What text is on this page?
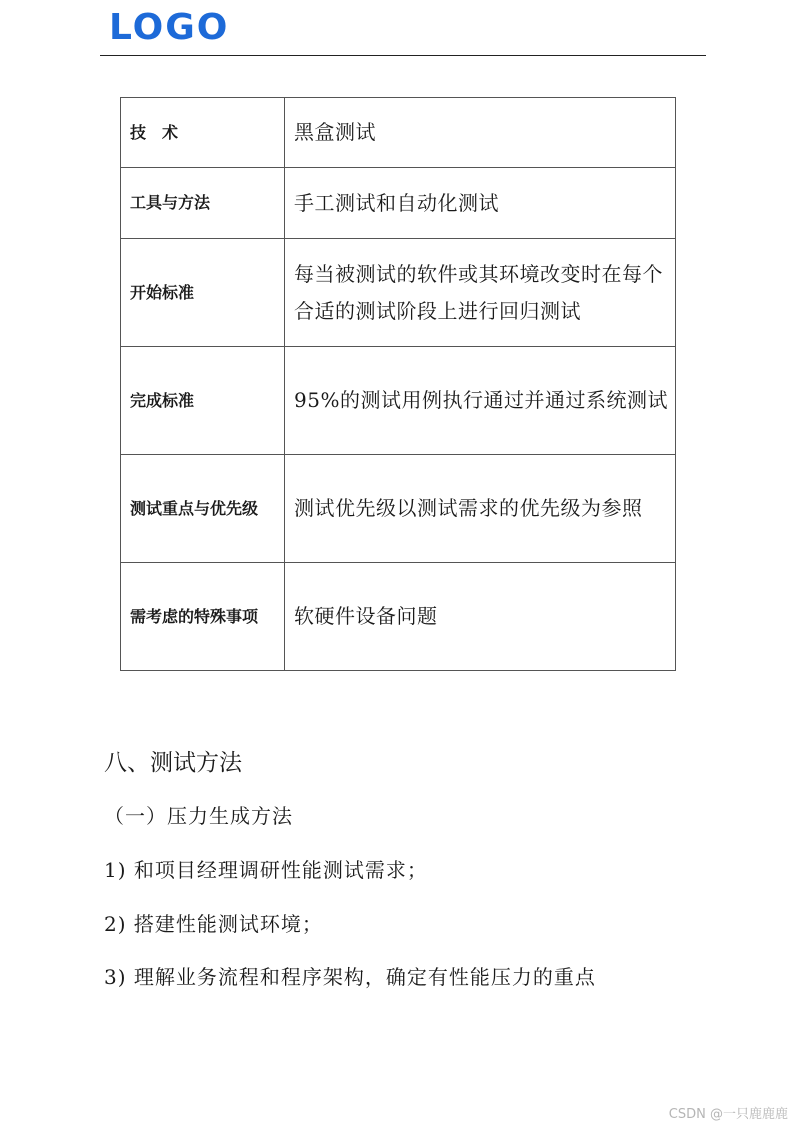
LOGO
技　术	黑盒测试

工具与方法	手工测试和自动化测试

开始标准	每当被测试的软件或其环境改变时在每个合适的测试阶段上进行回归测试

完成标准	95%的测试用例执行通过并通过系统测试

测试重点与优先级	测试优先级以测试需求的优先级为参照

需考虑的特殊事项	软硬件设备问题
八、测试方法
（一）压力生成方法
1) 和项目经理调研性能测试需求；
2) 搭建性能测试环境；
3) 理解业务流程和程序架构，确定有性能压力的重点
CSDN @一只鹿鹿鹿
